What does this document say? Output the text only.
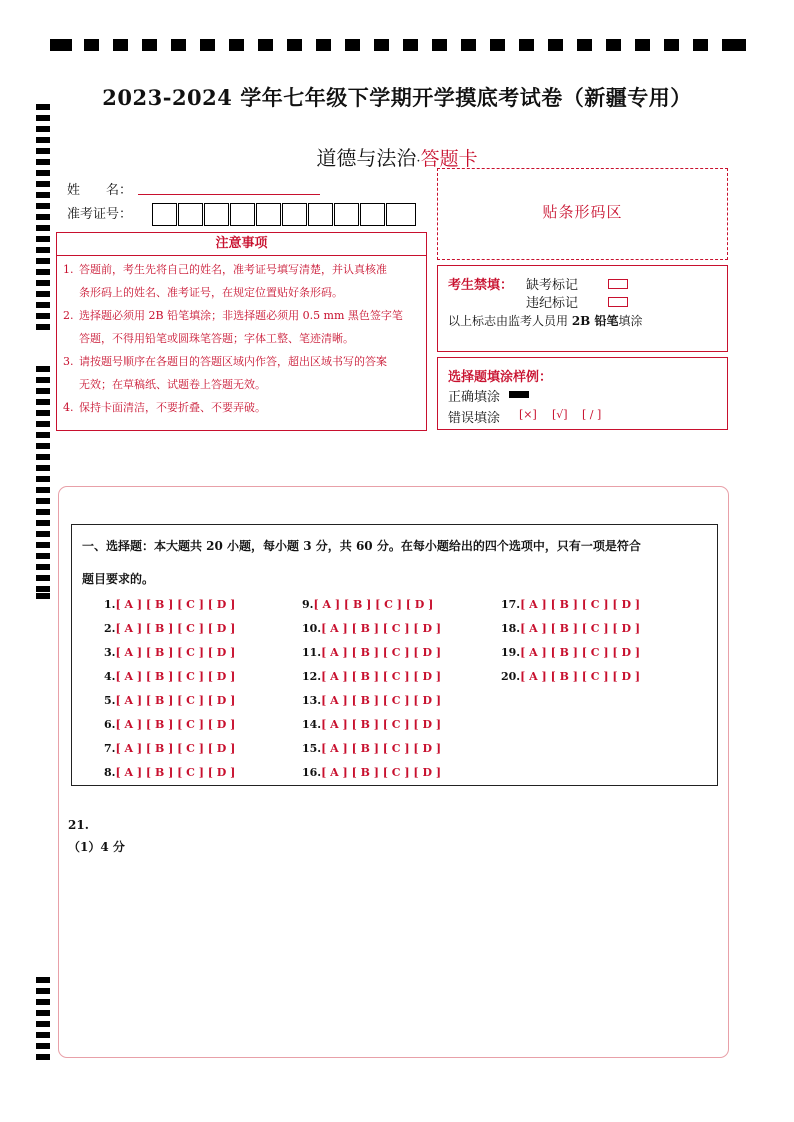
2023-2024 学年七年级下学期开学摸底考试卷（新疆专用）
道德与法治·答题卡
姓　　名：
准考证号：	贴条形码区
注意事项
1. 答题前，考生先将自己的姓名，准考证号填写清楚，并认真核准
条形码上的姓名、准考证号，在规定位置贴好条形码。
2. 选择题必须用 2B 铅笔填涂；非选择题必须用 0.5 mm 黑色签字笔
答题，不得用铅笔或圆珠笔答题；字体工整、笔迹清晰。
3. 请按题号顺序在各题目的答题区域内作答，超出区域书写的答案
无效；在草稿纸、试题卷上答题无效。
4. 保持卡面清洁，不要折叠、不要弄破。
考生禁填： 缺考标记
违纪标记
以上标志由监考人员用 2B 铅笔填涂
选择题填涂样例：
正确填涂
错误填涂 [×] [√] [ / ]
一、选择题：本大题共 20 小题，每小题 3 分，共 60 分。在每小题给出的四个选项中，只有一项是符合
题目要求的。
1.[ A ] [ B ] [ C ] [ D ]
2.[ A ] [ B ] [ C ] [ D ]
3.[ A ] [ B ] [ C ] [ D ]
4.[ A ] [ B ] [ C ] [ D ]
5.[ A ] [ B ] [ C ] [ D ]
6.[ A ] [ B ] [ C ] [ D ]
7.[ A ] [ B ] [ C ] [ D ]
8.[ A ] [ B ] [ C ] [ D ]
9.[ A ] [ B ] [ C ] [ D ]
10.[ A ] [ B ] [ C ] [ D ]
11.[ A ] [ B ] [ C ] [ D ]
12.[ A ] [ B ] [ C ] [ D ]
13.[ A ] [ B ] [ C ] [ D ]
14.[ A ] [ B ] [ C ] [ D ]
15.[ A ] [ B ] [ C ] [ D ]
16.[ A ] [ B ] [ C ] [ D ]
17.[ A ] [ B ] [ C ] [ D ]
18.[ A ] [ B ] [ C ] [ D ]
19.[ A ] [ B ] [ C ] [ D ]
20.[ A ] [ B ] [ C ] [ D ]
21.
（1）4 分
